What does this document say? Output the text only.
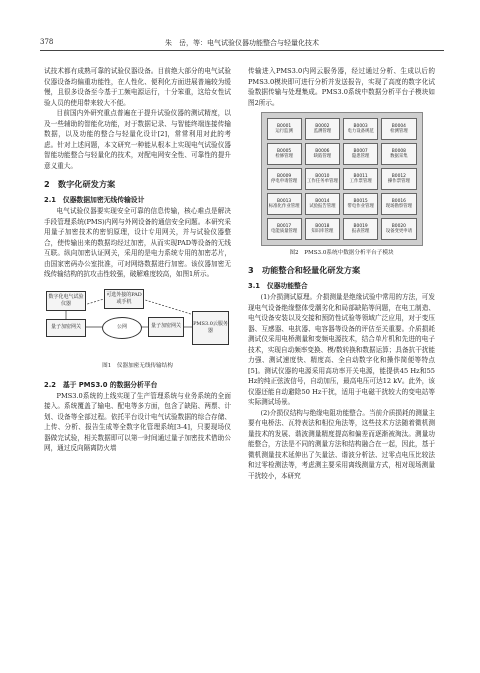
378	朱　岳，等：电气试验仪器功能整合与轻量化技术

试技术都有成熟可靠的试验仪器设备。目前绝大部分的电气试验仪器设备均偏重功能性，在人性化、便利化方面进展普遍较为缓慢，且很多设备至今基于工频电源运行，十分笨重，这给女性试验人员的使用带来较大不便。

目前国内外研究重点普遍在于提升试验仪器的测试精度，以及一些辅助的智能化功能，对于数据记录、与智能终端连接传输数据，以及功能的整合与轻量化设计[2]，常常利用对此的考虑。针对上述问题，本文研究一种能从根本上实现电气试验仪器智能功能整合与轻量化的技术，对配电网安全性、可靠性的提升意义重大。

2　数字化研发方案
2.1　仪器数据加密无线传输设计

电气试验仪器要实现安全可靠的信息传输，核心难点是解决手段管理系统(PMS)内网与外网设备的通信安全问题。本研究采用量子加密技术的密钥原理，设计专用网关，并与试验仪器整合，使传输出来的数据均经过加密，从而实现PAD等设备的无线互联。纵向加密认证网关，采用的是电力系统专用的加密芯片，由国家密码办公室批准，可对网络数据进行加密。该仪器加密无线传输结构的抗攻击性较强，破解难度较高，如图1所示。

数字化电气试验仪器
量子加密网关
可选外接的PAD或手机
公网	量子加密网关	PMS3.0云服务器
图1　仪器加密无线传输结构
2.2　基于 PMS3.0 的数据分析平台

PMS3.0系统的上线实现了生产管理系统与业务系统的全面接入。系统覆盖了输电、配电等多方面，包含了缺陷、两票、计划、设备等全部过程。依托平台设计电气试验数据的综合存储、上传、分析、报告生成等全数字化管理系统[3-4]，只要现场仪器做完试验，相关数据即可以第一时间通过量子加密技术借助公网，通过反向隔离防火墙

传输进入PMS3.0内网云服务器，经过通过分析、生成以后的PMS3.0模块即可进行分析并发送报告，实现了高度的数字化试验数据传输与处理集成。PMS3.0系统中数据分析平台子模块如图2所示。

B0001
运行监测
B0002
监测管理
B0003
电力设备规范
B0004
检测管理
B0005
检修管理
B0006
缺陷管理
B0007
隐患管理
B0008
数据采集
B0009
停电申请管理
B0010
工作任务单管理
B0011
工作票管理
B0012
操作票管理
B0013
标准化作业管理
B0014
试验报告管理
B0015
带电作业管理
B0016
现场勘察管理
B0017
电能质量管理
B0018
知识库管理
B0019
报表管理
B0020
设备变更申请
图2　PMS3.0系统中数据分析平台子模块
3　功能整合和轻量化研发方案
3.1　仪器功能整合

(1)介损测试原理。介损测量是绝缘试验中常用的方法，可发现电气设备绝缘整体受潮劣化和局部缺陷等问题，在电工制造、电气设备安装以及交接和预防性试验等领域广泛应用，对于变压器、互感器、电抗器、电容器等设备的评估至关重要。介质损耗测试仪采用电桥测量和变频电源技术，结合单片机和先进的电子技术，实现自动频率变换、模/数转换和数据运算；具备抗干扰能力强、测试速度快、精度高、全自动数字化和操作简便等特点[5]。测试仪器的电源采用高功率开关电源，能提供45 Hz和55 Hz的纯正弦波信号，自动加压，最高电压可达12 kV。此外，该仪器还能自动避除50 Hz干扰，适用于电磁干扰较大的变电站等实际测试场景。

(2)介损仪结构与绝缘电阻功能整合。当前介质损耗的测量主要有电桥法、瓦特表法和相位角法等，这些技术方法随着微机测量技术的发展、谐波测量精度提高和偏差而逐渐被淘汰。测量功能整合，方法是不同的测量方法和结构融合在一起，因此，基于微机测量技术延伸出了矢量法、谐波分析法、过零点电压比较法和过零检测法等，考虑测主要采用离线测量方式，相对现场测量干扰较小，本研究
